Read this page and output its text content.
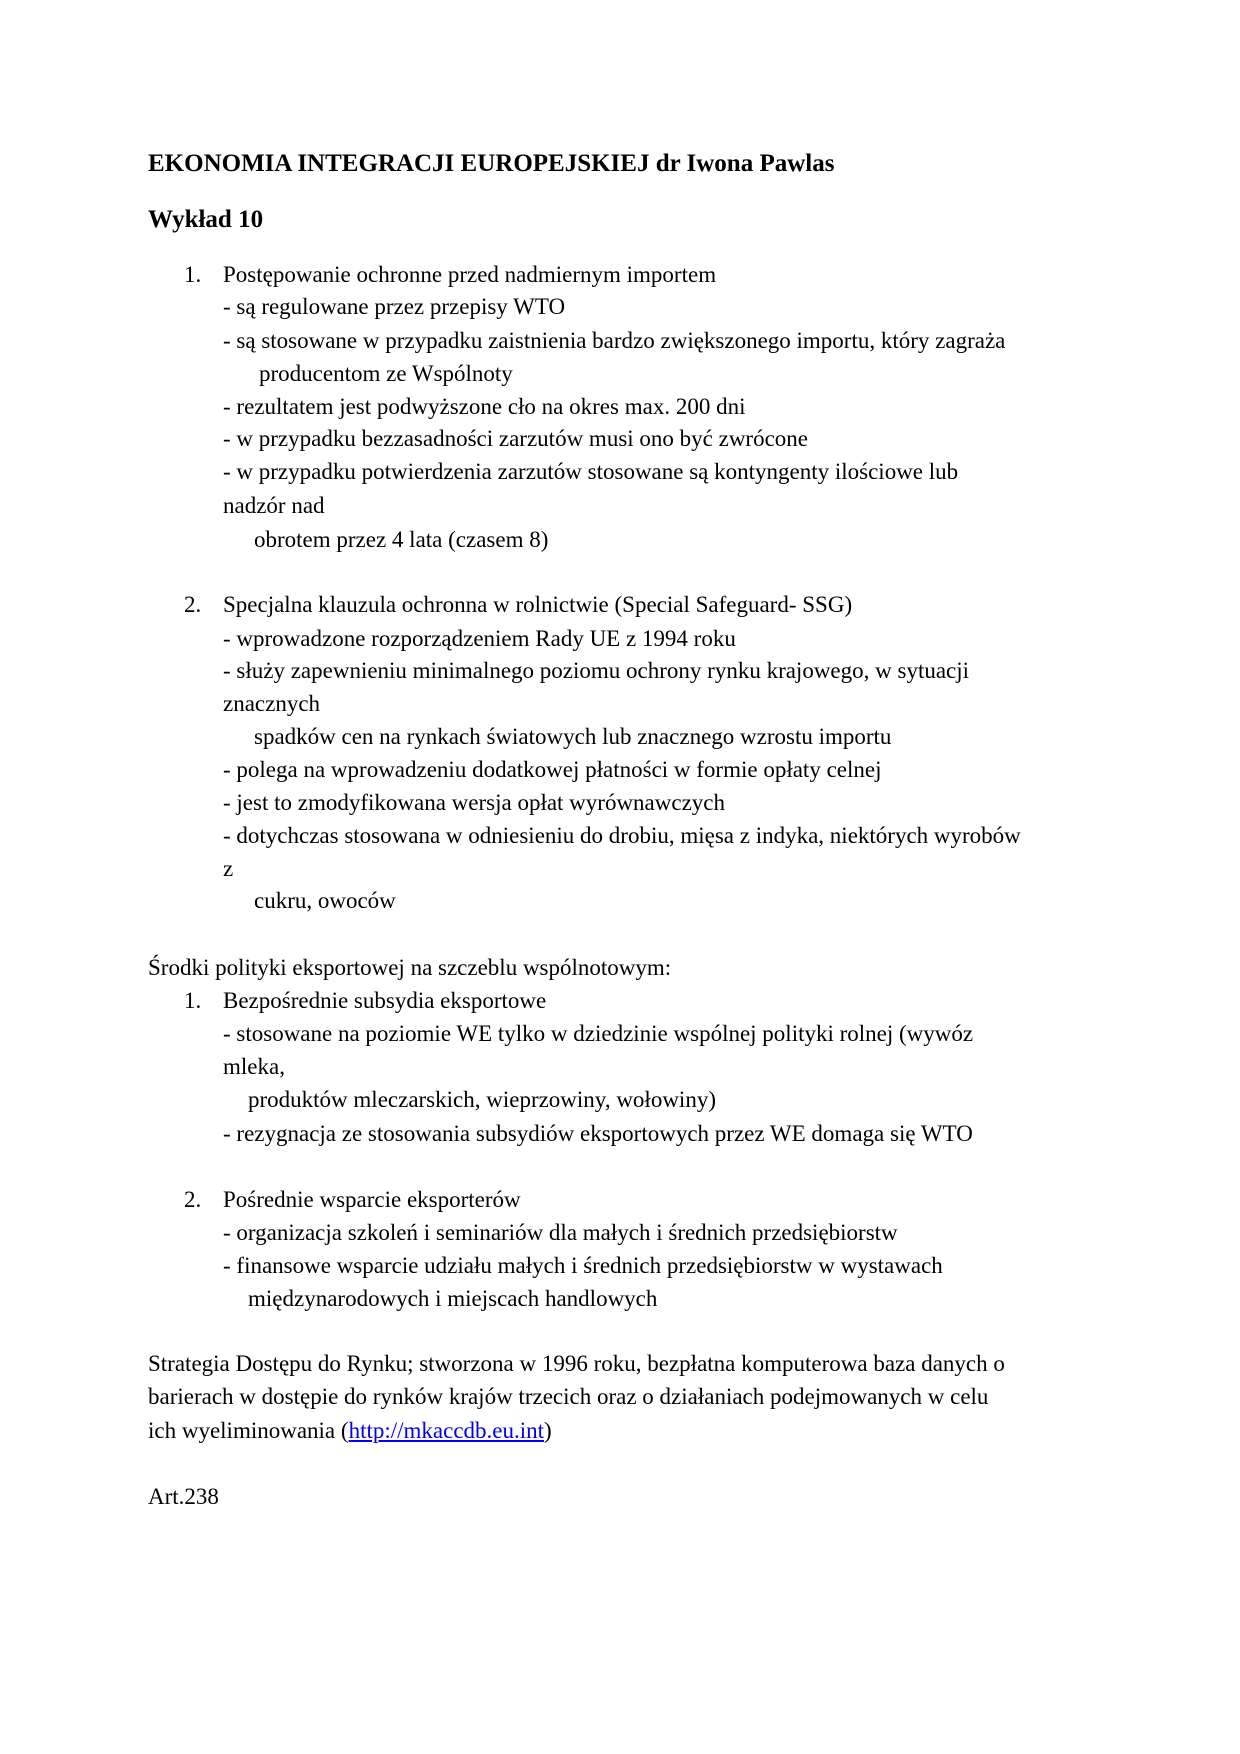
EKONOMIA INTEGRACJI EUROPEJSKIEJ dr Iwona Pawlas
Wykład 10
1. Postępowanie ochronne przed nadmiernym importem
- są regulowane przez przepisy WTO
- są stosowane w przypadku zaistnienia bardzo zwiększonego importu, który zagraża
producentom ze Wspólnoty
- rezultatem jest podwyższone cło na okres max. 200 dni
- w przypadku bezzasadności zarzutów musi ono być zwrócone
- w przypadku potwierdzenia zarzutów stosowane są kontyngenty ilościowe lub
nadzór nad
obrotem przez 4 lata (czasem 8)
2. Specjalna klauzula ochronna w rolnictwie (Special Safeguard- SSG)
- wprowadzone rozporządzeniem Rady UE z 1994 roku
- służy zapewnieniu minimalnego poziomu ochrony rynku krajowego, w sytuacji
znacznych
spadków cen na rynkach światowych lub znacznego wzrostu importu
- polega na wprowadzeniu dodatkowej płatności w formie opłaty celnej
- jest to zmodyfikowana wersja opłat wyrównawczych
- dotychczas stosowana w odniesieniu do drobiu, mięsa z indyka, niektórych wyrobów
z
cukru, owoców
Środki polityki eksportowej na szczeblu wspólnotowym:
1. Bezpośrednie subsydia eksportowe
- stosowane na poziomie WE tylko w dziedzinie wspólnej polityki rolnej (wywóz
mleka,
produktów mleczarskich, wieprzowiny, wołowiny)
- rezygnacja ze stosowania subsydiów eksportowych przez WE domaga się WTO
2. Pośrednie wsparcie eksporterów
- organizacja szkoleń i seminariów dla małych i średnich przedsiębiorstw
- finansowe wsparcie udziału małych i średnich przedsiębiorstw w wystawach
międzynarodowych i miejscach handlowych
Strategia Dostępu do Rynku; stworzona w 1996 roku, bezpłatna komputerowa baza danych o
barierach w dostępie do rynków krajów trzecich oraz o działaniach podejmowanych w celu
ich wyeliminowania (http://mkaccdb.eu.int)
Art.238
